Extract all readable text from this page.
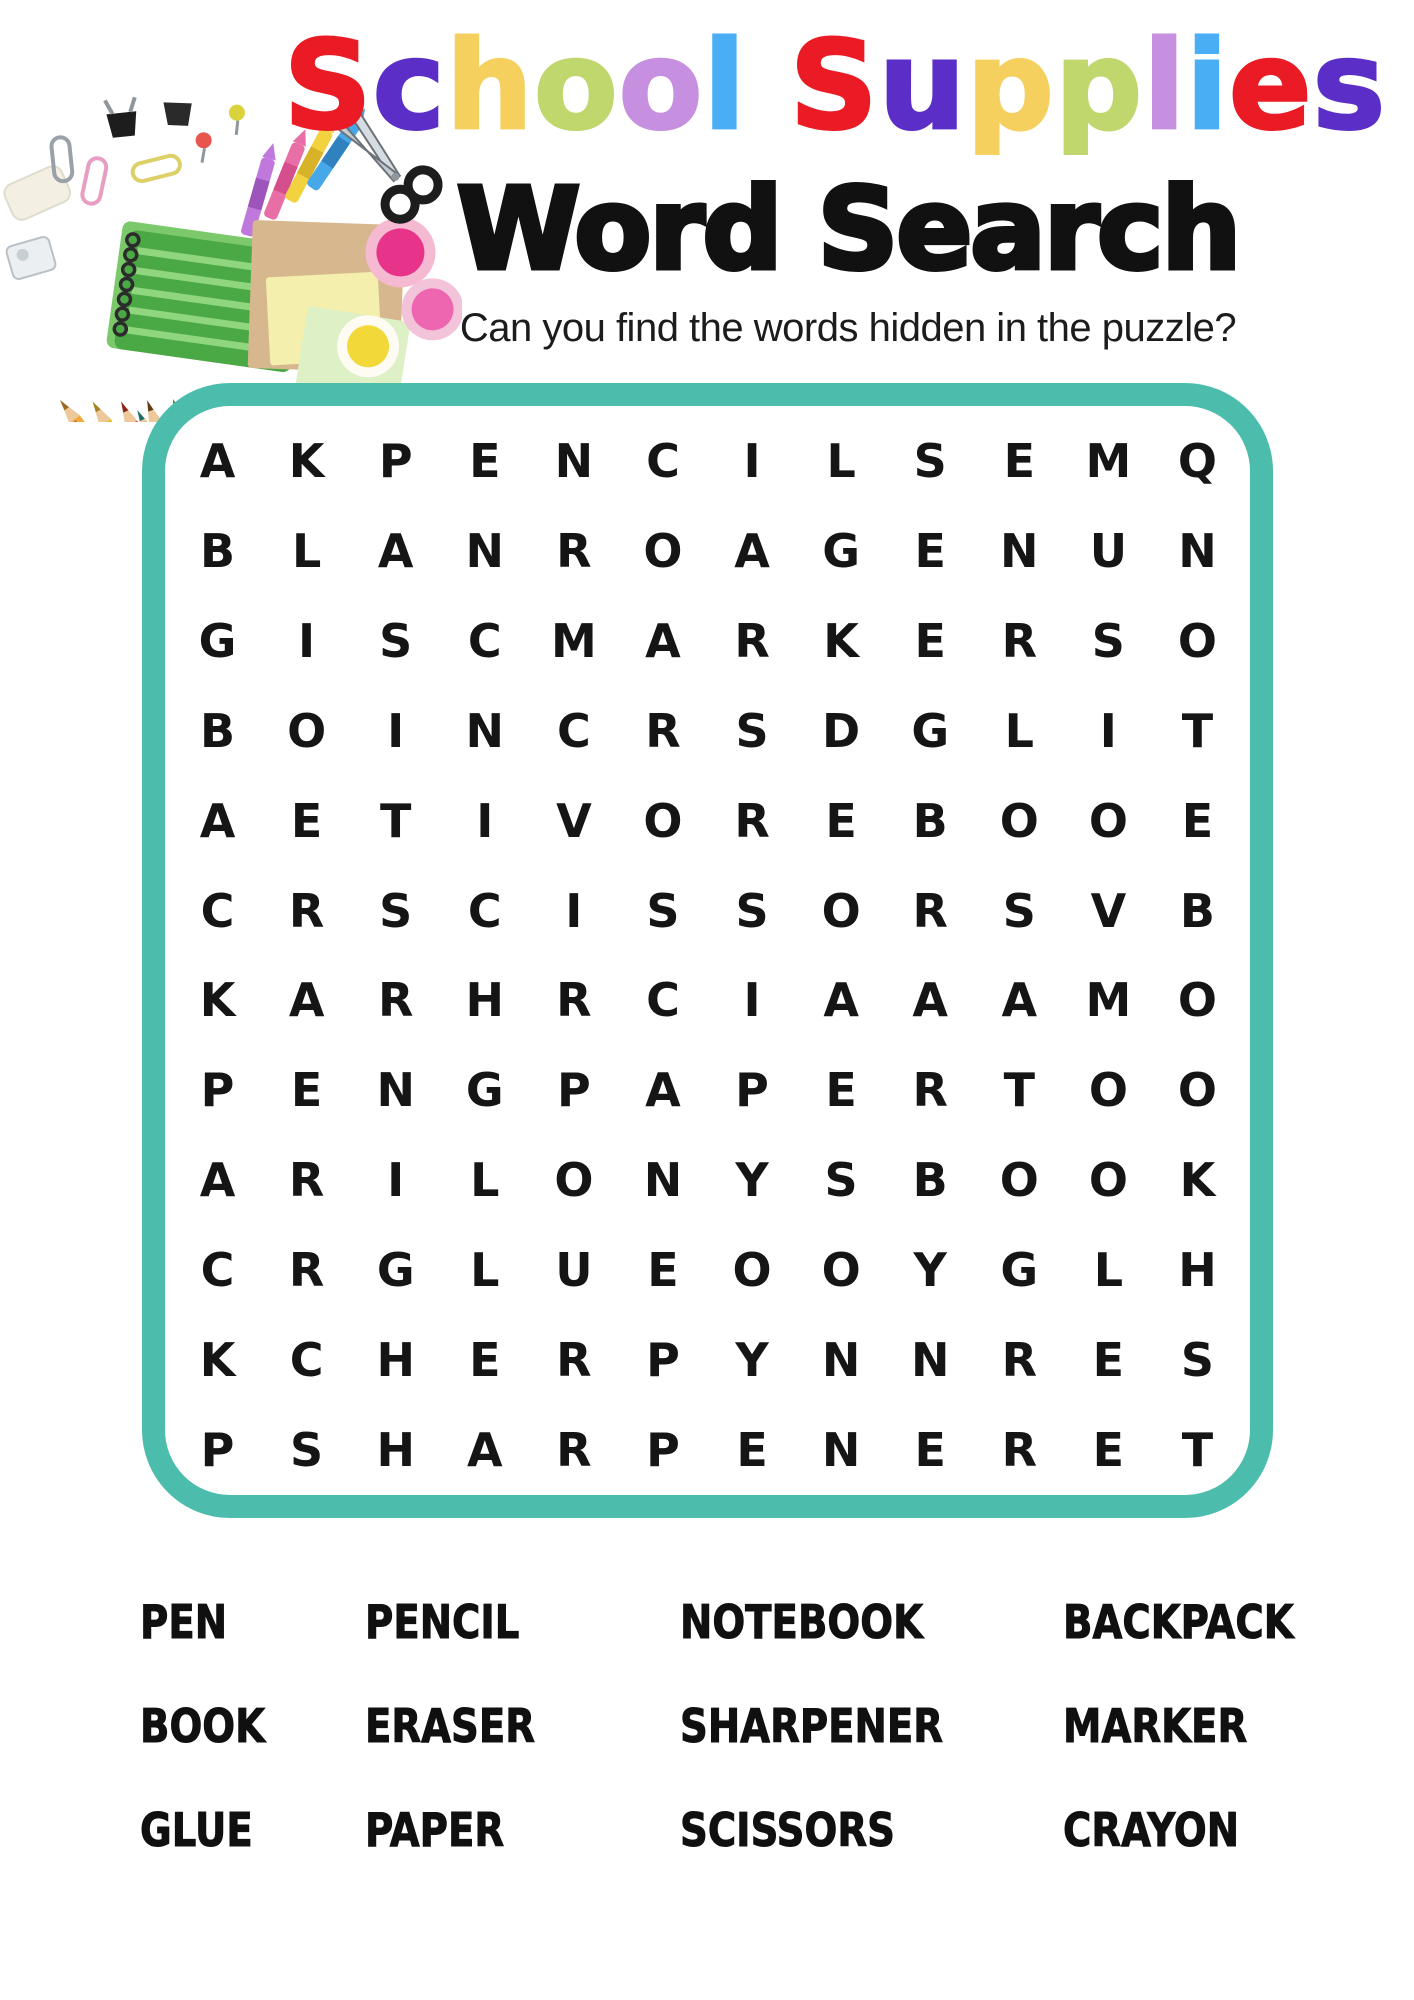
School Supplies
Word Search

Can you find the words hidden in the puzzle?

A	K	P	E	N	C	I	L	S	E	M	Q
B	L	A	N	R	O	A	G	E	N	U	N
G	I	S	C	M	A	R	K	E	R	S	O
B	O	I	N	C	R	S	D	G	L	I	T
A	E	T	I	V	O	R	E	B	O	O	E
C	R	S	C	I	S	S	O	R	S	V	B
K	A	R	H	R	C	I	A	A	A	M	O
P	E	N	G	P	A	P	E	R	T	O	O
A	R	I	L	O	N	Y	S	B	O	O	K
C	R	G	L	U	E	O	O	Y	G	L	H
K	C	H	E	R	P	Y	N	N	R	E	S
P	S	H	A	R	P	E	N	E	R	E	T
PEN	PENCIL	NOTEBOOK	BACKPACK
BOOK	ERASER	SHARPENER	MARKER
GLUE	PAPER	SCISSORS	CRAYON
